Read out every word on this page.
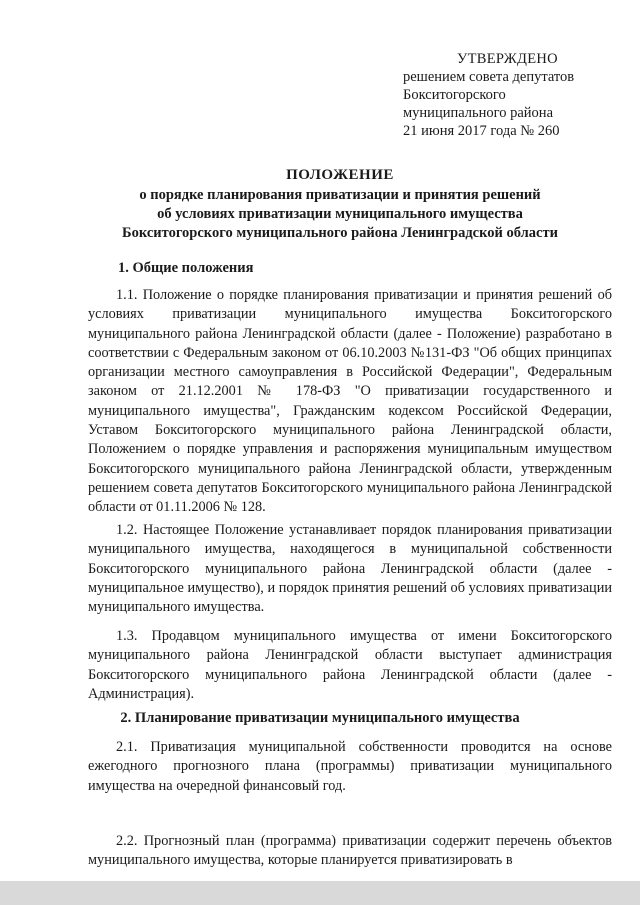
УТВЕРЖДЕНО
решением совета депутатов
Бокситогорского
муниципального района
21 июня 2017 года № 260
ПОЛОЖЕНИЕ
о порядке планирования приватизации и принятия решений
об условиях приватизации муниципального имущества
Бокситогорского муниципального района Ленинградской области
1. Общие положения
1.1. Положение о порядке планирования приватизации и принятия решений об условиях приватизации муниципального имущества Бокситогорского муниципального района Ленинградской области (далее - Положение) разработано в соответствии с Федеральным законом от 06.10.2003 №131-ФЗ "Об общих принципах организации местного самоуправления в Российской Федерации", Федеральным законом от 21.12.2001 № 178-ФЗ "О приватизации государственного и муниципального имущества", Гражданским кодексом Российской Федерации, Уставом Бокситогорского муниципального района Ленинградской области, Положением о порядке управления и распоряжения муниципальным имуществом Бокситогорского муниципального района Ленинградской области, утвержденным решением совета депутатов Бокситогорского муниципального района Ленинградской области от 01.11.2006 № 128.
1.2. Настоящее Положение устанавливает порядок планирования приватизации муниципального имущества, находящегося в муниципальной собственности Бокситогорского муниципального района Ленинградской области (далее - муниципальное имущество), и порядок принятия решений об условиях приватизации муниципального имущества.
1.3. Продавцом муниципального имущества от имени Бокситогорского муниципального района Ленинградской области выступает администрация Бокситогорского муниципального района Ленинградской области (далее - Администрация).
2. Планирование приватизации муниципального имущества
2.1. Приватизация муниципальной собственности проводится на основе ежегодного прогнозного плана (программы) приватизации муниципального имущества на очередной финансовый год.
2.2. Прогнозный план (программа) приватизации содержит перечень объектов муниципального имущества, которые планируется приватизировать в
